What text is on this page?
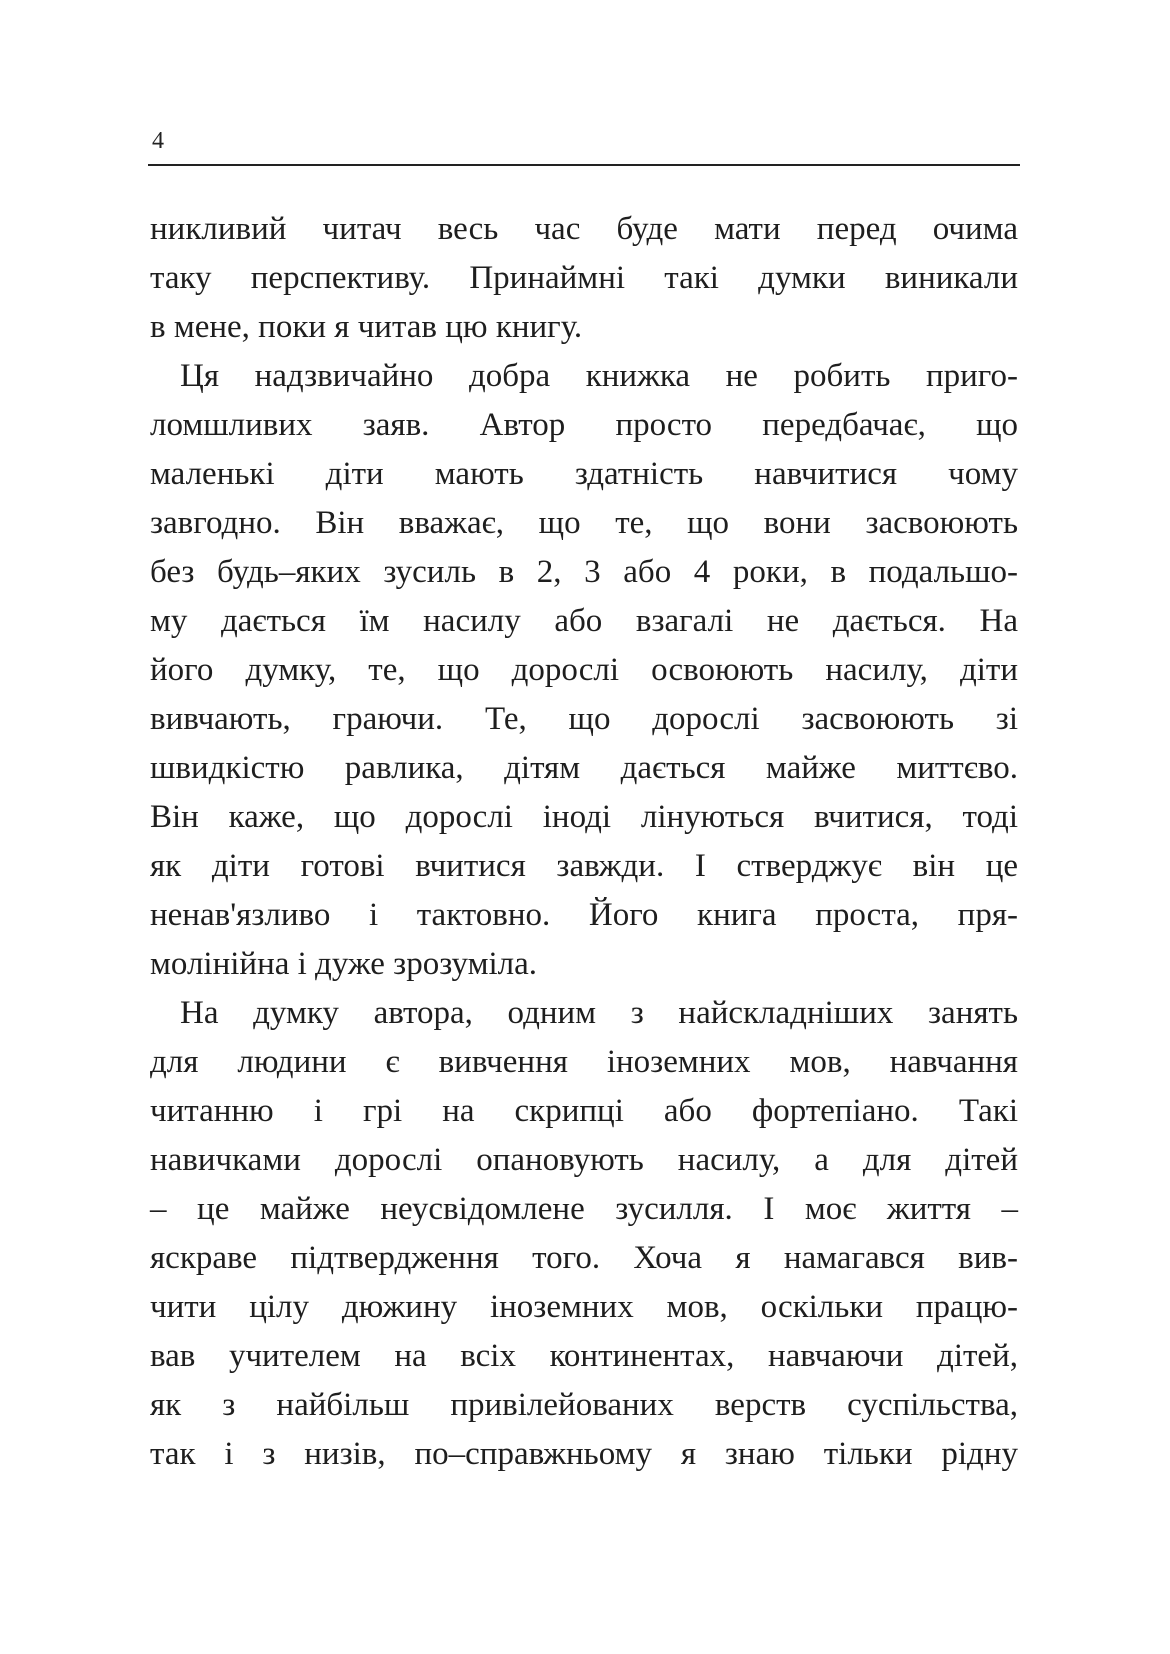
4
никливий читач весь час буде мати перед очима
таку перспективу. Принаймні такі думки виникали
в мене, поки я читав цю книгу.
Ця надзвичайно добра книжка не робить приго-
ломшливих заяв. Автор просто передбачає, що
маленькі діти мають здатність навчитися чому
завгодно. Він вважає, що те, що вони засвоюють
без будь–яких зусиль в 2, 3 або 4 роки, в подальшо-
му дається їм насилу або взагалі не дається. На
його думку, те, що дорослі освоюють насилу, діти
вивчають, граючи. Те, що дорослі засвоюють зі
швидкістю равлика, дітям дається майже миттєво.
Він каже, що дорослі іноді лінуються вчитися, тоді
як діти готові вчитися завжди. І стверджує він це
ненав'язливо і тактовно. Його книга проста, пря-
молінійна і дуже зрозуміла.
На думку автора, одним з найскладніших занять
для людини є вивчення іноземних мов, навчання
читанню і грі на скрипці або фортепіано. Такі
навичками дорослі опановують насилу, а для дітей
– це майже неусвідомлене зусилля. І моє життя –
яскраве підтвердження того. Хоча я намагався вив-
чити цілу дюжину іноземних мов, оскільки працю-
вав учителем на всіх континентах, навчаючи дітей,
як з найбільш привілейованих верств суспільства,
так і з низів, по–справжньому я знаю тільки рідну
